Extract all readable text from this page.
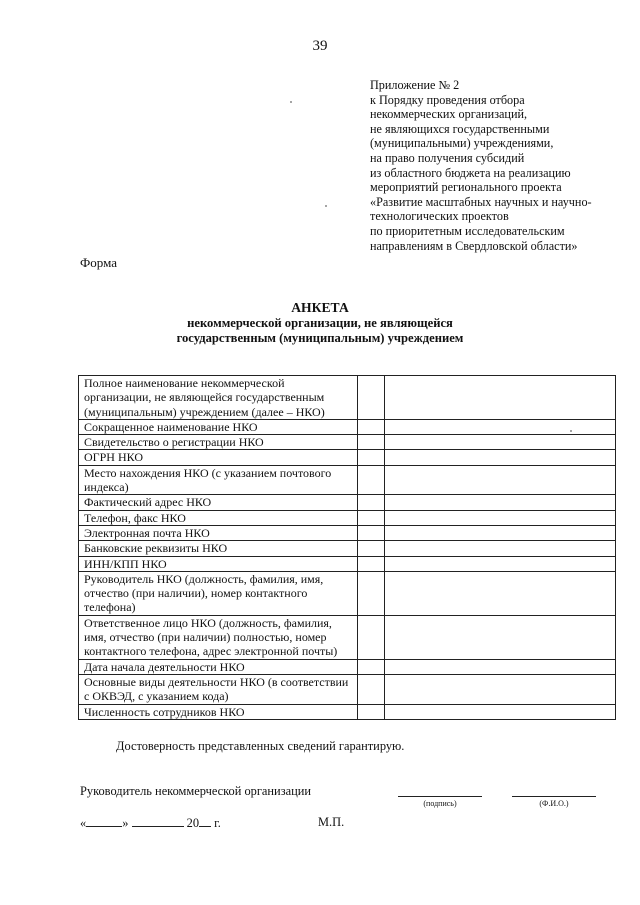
39
Приложение № 2
к Порядку проведения отбора
некоммерческих организаций,
не являющихся государственными
(муниципальными) учреждениями,
на право получения субсидий
из областного бюджета на реализацию
мероприятий регионального проекта
«Развитие масштабных научных и научно-
технологических проектов
по приоритетным исследовательским
направлениям в Свердловской области»
Форма
АНКЕТА
некоммерческой организации, не являющейся
государственным (муниципальным) учреждением
Полное наименование некоммерческой организации, не являющейся государственным (муниципальным) учреждением (далее – НКО)		
Сокращенное наименование НКО		
Свидетельство о регистрации НКО		
ОГРН НКО		
Место нахождения НКО (с указанием почтового индекса)		
Фактический адрес НКО		
Телефон, факс НКО		
Электронная почта НКО		
Банковские реквизиты НКО		
ИНН/КПП НКО		
Руководитель НКО (должность, фамилия, имя, отчество (при наличии), номер контактного телефона)		
Ответственное лицо НКО (должность, фамилия, имя, отчество (при наличии) полностью, номер контактного телефона, адрес электронной почты)		
Дата начала деятельности НКО		
Основные виды деятельности НКО (в соответствии с ОКВЭД, с указанием кода)		
Численность сотрудников НКО		
Достоверность представленных сведений гарантирую.
Руководитель некоммерческой организации
(подпись)	(Ф.И.О.)
«	»	20 г.	М.П.
